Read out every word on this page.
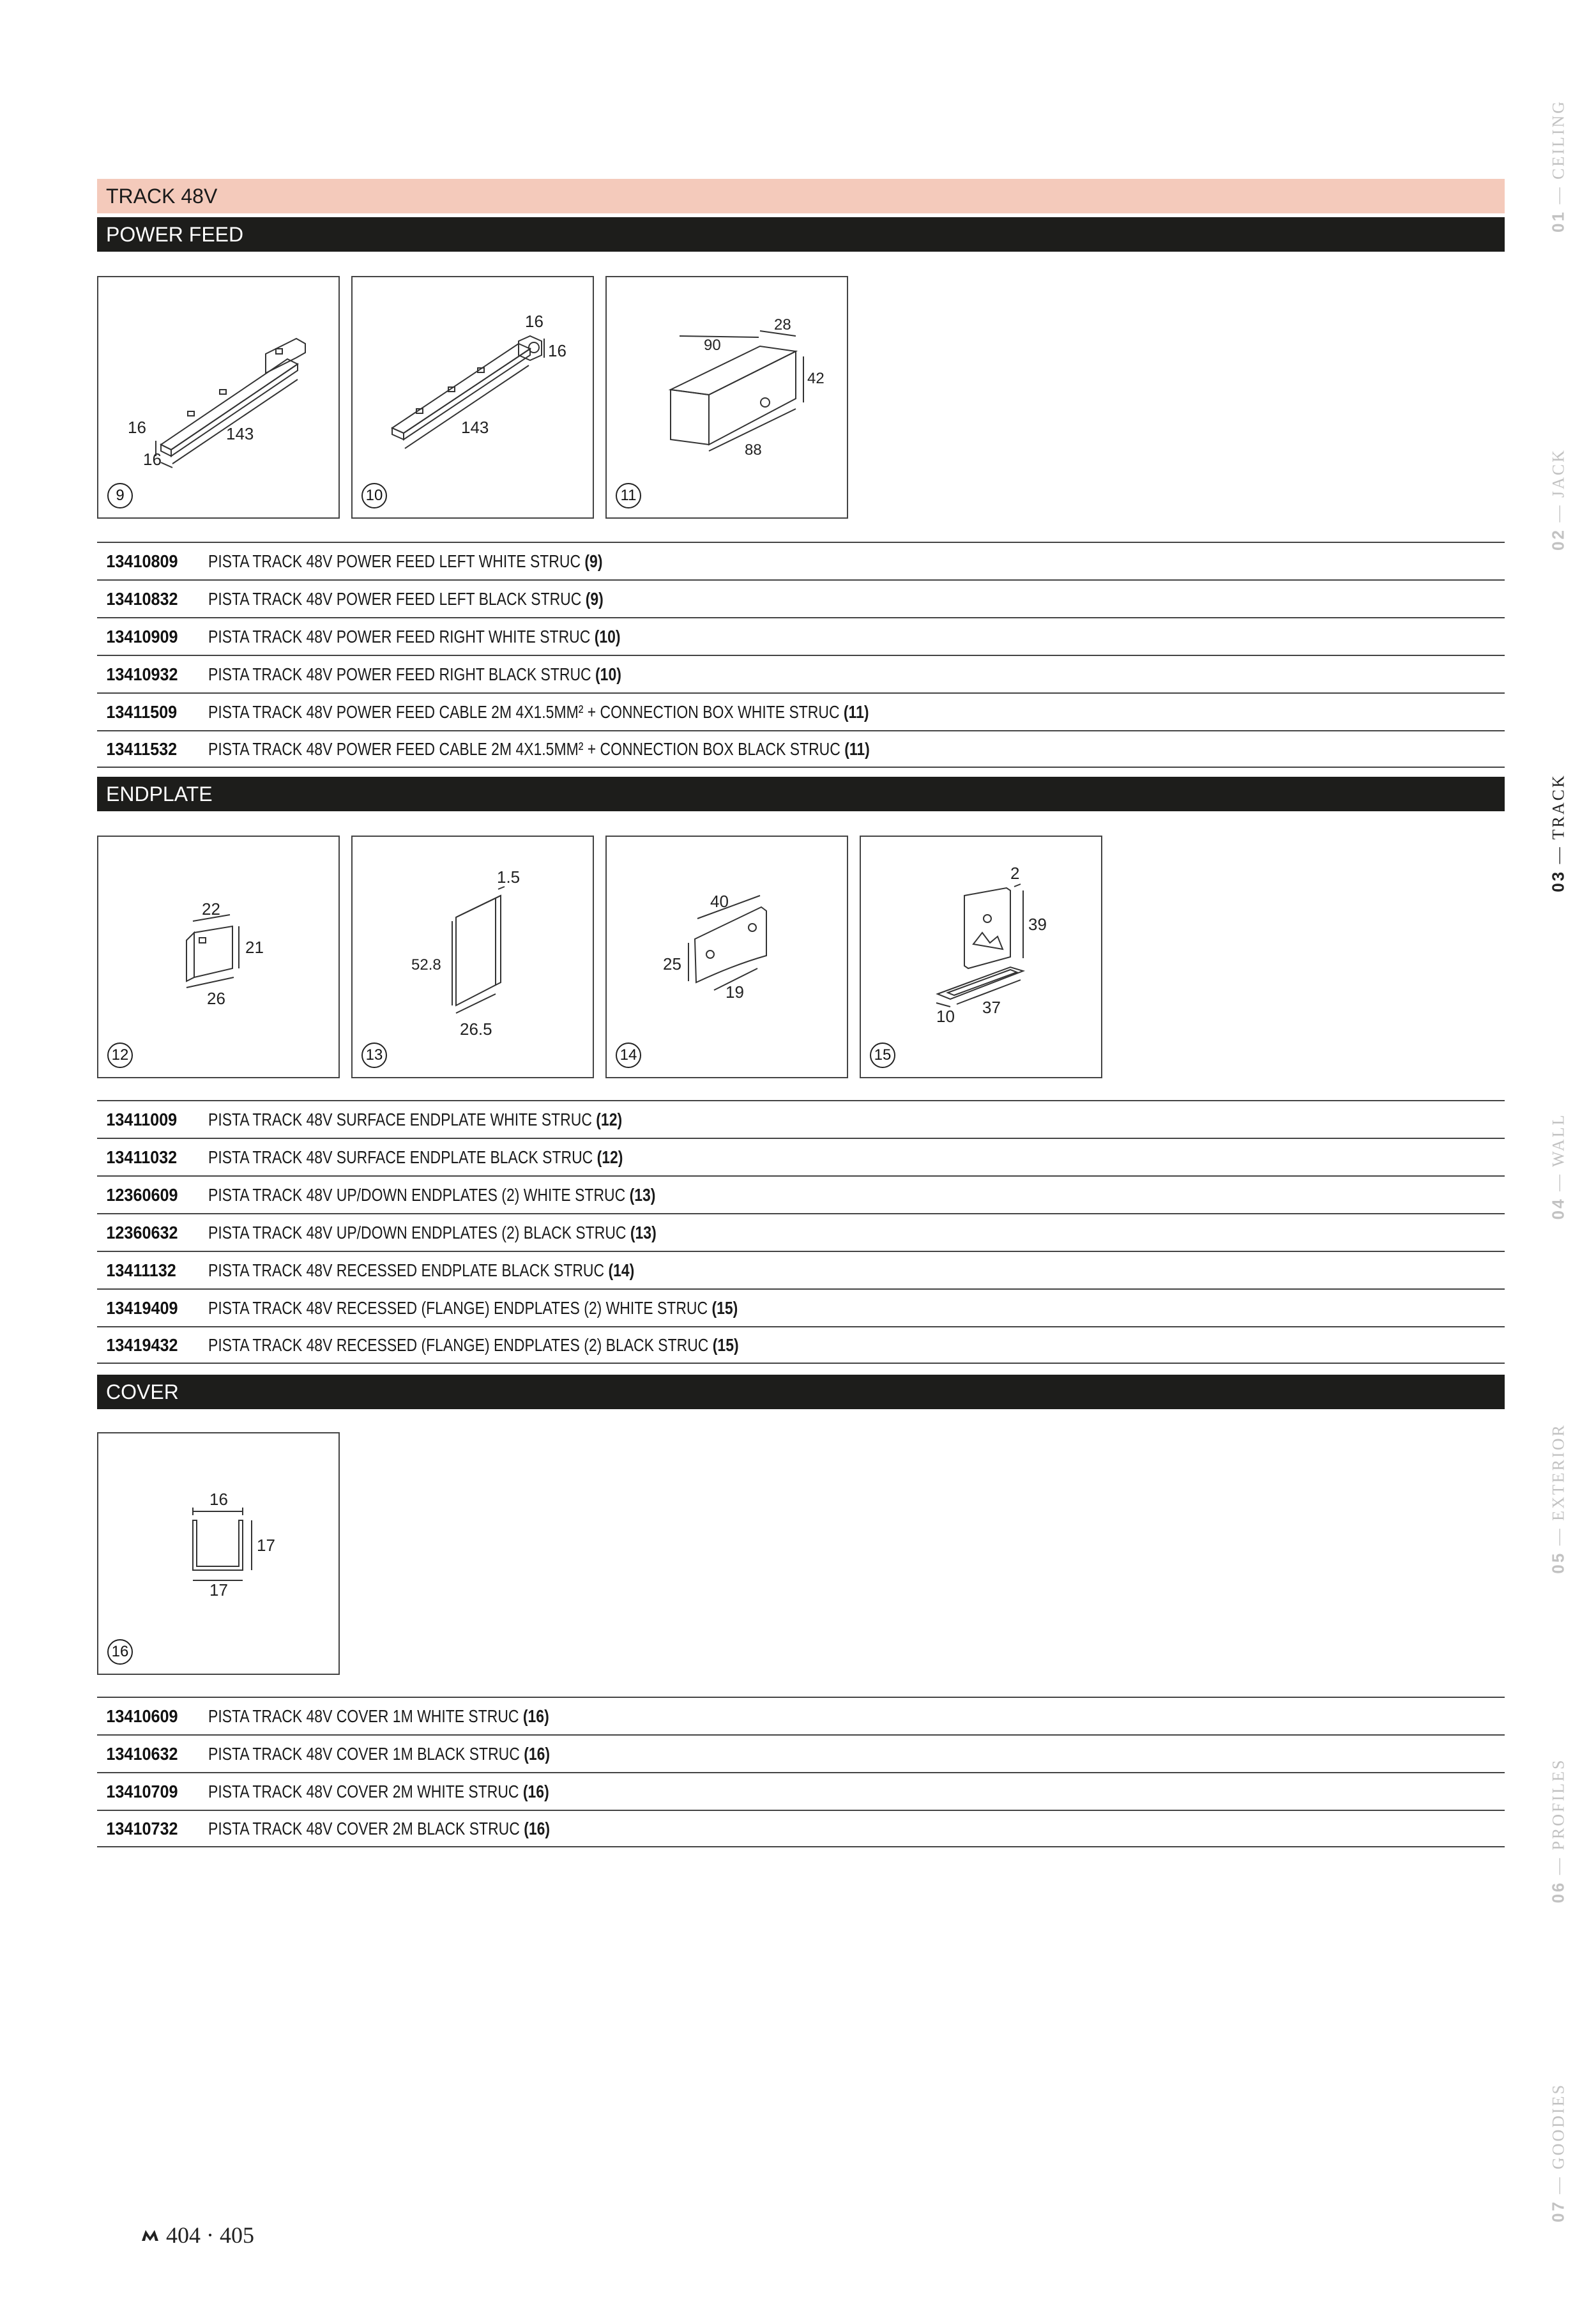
TRACK 48V
POWER FEED
16	143
16
9
16
16
143
10
90
28
42
88
11
13410809	PISTA TRACK 48V POWER FEED LEFT WHITE STRUC (9)
13410832	PISTA TRACK 48V POWER FEED LEFT BLACK STRUC (9)
13410909	PISTA TRACK 48V POWER FEED RIGHT WHITE STRUC (10)
13410932	PISTA TRACK 48V POWER FEED RIGHT BLACK STRUC (10)
13411509	PISTA TRACK 48V POWER FEED CABLE 2M 4X1.5MM² + CONNECTION BOX WHITE STRUC (11)
13411532	PISTA TRACK 48V POWER FEED CABLE 2M 4X1.5MM² + CONNECTION BOX BLACK STRUC (11)
ENDPLATE
22
21
26
12
1.5
52.8
26.5
13
40
25
19
14
2
39
10 37
15
13411009	PISTA TRACK 48V SURFACE ENDPLATE WHITE STRUC (12)
13411032	PISTA TRACK 48V SURFACE ENDPLATE BLACK STRUC (12)
12360609	PISTA TRACK 48V UP/DOWN ENDPLATES (2) WHITE STRUC (13)
12360632	PISTA TRACK 48V UP/DOWN ENDPLATES (2) BLACK STRUC (13)
13411132	PISTA TRACK 48V RECESSED ENDPLATE BLACK STRUC (14)
13419409	PISTA TRACK 48V RECESSED (FLANGE) ENDPLATES (2) WHITE STRUC (15)
13419432	PISTA TRACK 48V RECESSED (FLANGE) ENDPLATES (2) BLACK STRUC (15)
COVER
16
17
17
16
13410609	PISTA TRACK 48V COVER 1M WHITE STRUC (16)
13410632	PISTA TRACK 48V COVER 1M BLACK STRUC (16)
13410709	PISTA TRACK 48V COVER 2M WHITE STRUC (16)
13410732	PISTA TRACK 48V COVER 2M BLACK STRUC (16)
01 — CEILING
02 — JACK
03 — TRACK
04 — WALL
05 — EXTERIOR
06 — PROFILES
07 — GOODIES
404 · 405
